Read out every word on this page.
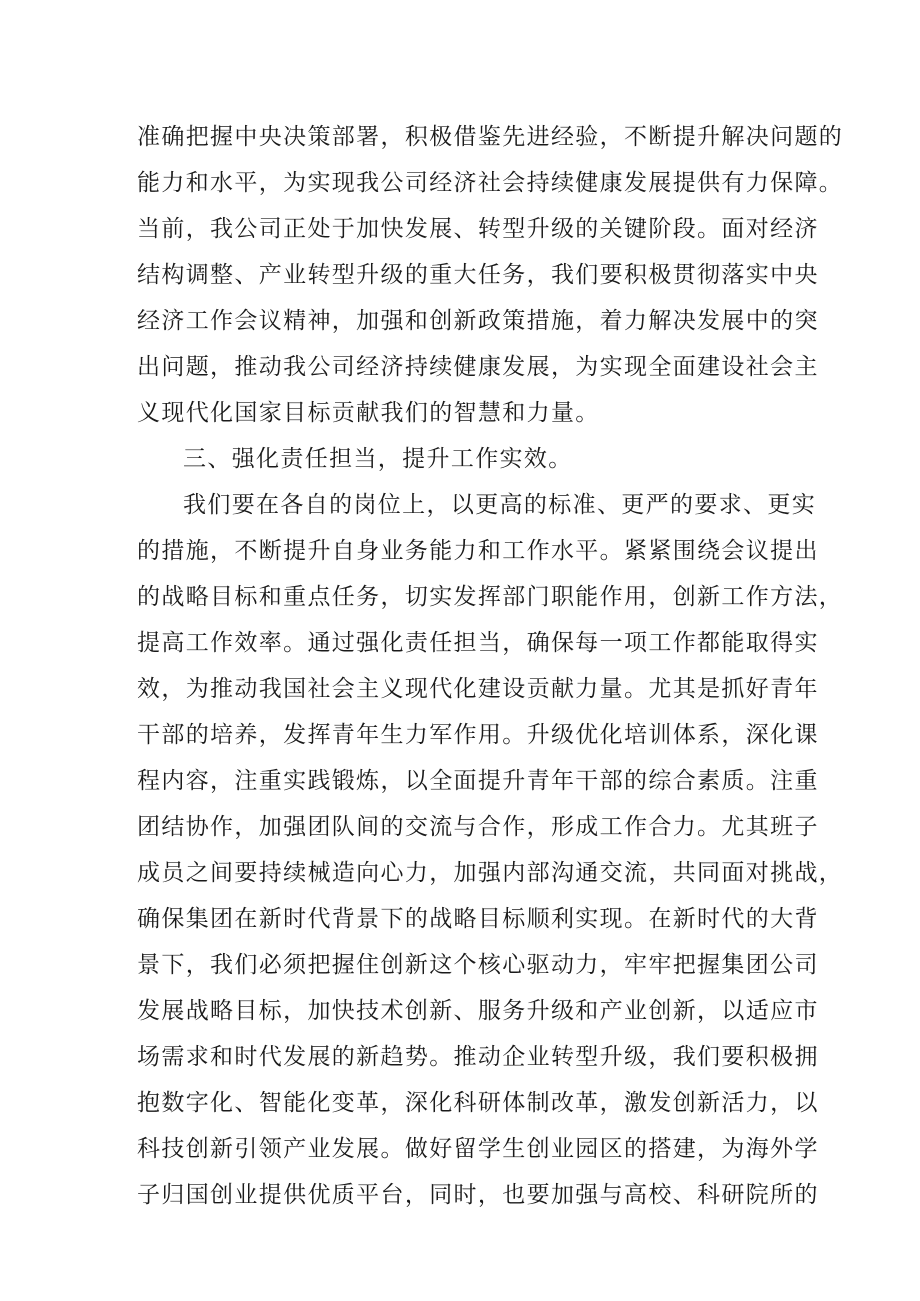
准确把握中央决策部署，积极借鉴先进经验，不断提升解决问题的
能力和水平，为实现我公司经济社会持续健康发展提供有力保障。
当前，我公司正处于加快发展、转型升级的关键阶段。面对经济
结构调整、产业转型升级的重大任务，我们要积极贯彻落实中央
经济工作会议精神，加强和创新政策措施，着力解决发展中的突
出问题，推动我公司经济持续健康发展，为实现全面建设社会主
义现代化国家目标贡献我们的智慧和力量。
三、强化责任担当，提升工作实效。
我们要在各自的岗位上，以更高的标准、更严的要求、更实
的措施，不断提升自身业务能力和工作水平。紧紧围绕会议提出
的战略目标和重点任务，切实发挥部门职能作用，创新工作方法，
提高工作效率。通过强化责任担当，确保每一项工作都能取得实
效，为推动我国社会主义现代化建设贡献力量。尤其是抓好青年
干部的培养，发挥青年生力军作用。升级优化培训体系，深化课
程内容，注重实践锻炼，以全面提升青年干部的综合素质。注重
团结协作，加强团队间的交流与合作，形成工作合力。尤其班子
成员之间要持续械造向心力，加强内部沟通交流，共同面对挑战，
确保集团在新时代背景下的战略目标顺利实现。在新时代的大背
景下，我们必须把握住创新这个核心驱动力，牢牢把握集团公司
发展战略目标，加快技术创新、服务升级和产业创新，以适应市
场需求和时代发展的新趋势。推动企业转型升级，我们要积极拥
抱数字化、智能化变革，深化科研体制改革，激发创新活力，以
科技创新引领产业发展。做好留学生创业园区的搭建，为海外学
子归国创业提供优质平台，同时，也要加强与高校、科研院所的
